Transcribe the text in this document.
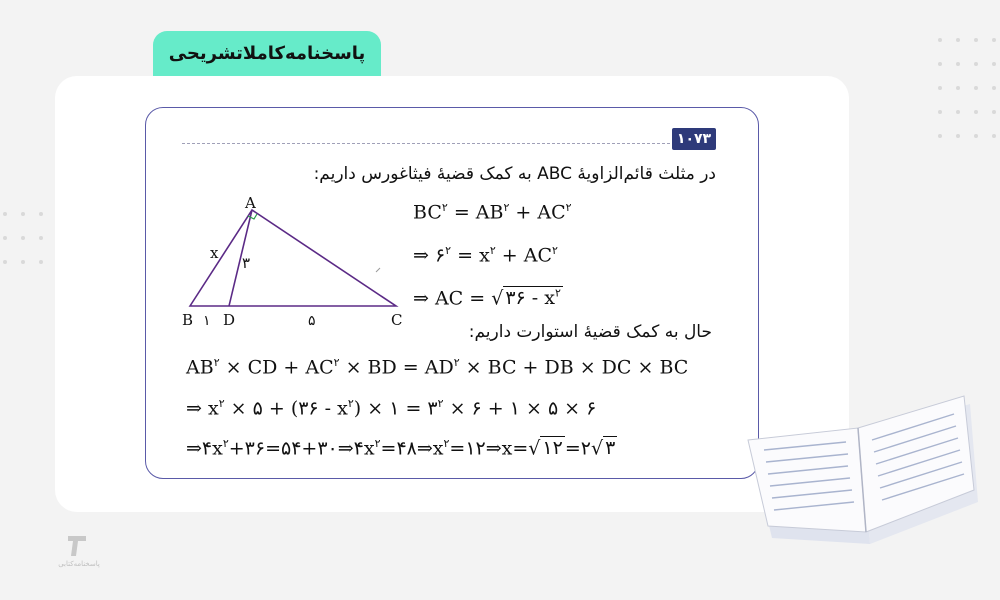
پاسخنامه‌کاملاتشریحی
۱۰۷۳
در مثلث قائم‌الزاویهٔ ABC به کمک قضیهٔ فیثاغورس داریم:
A
B D	C
x
۳
۱	۵
$BC^۲ = AB^۲ + AC^۲$
⇒ $۶^۲ = x^۲ + AC^۲$
⇒ AC = √ ۳۶ - $x^۲$
حال به کمک قضیهٔ استوارت داریم:
$AB^۲$ × CD + $AC^۲$ × BD = $AD^۲$ × BC + DB × DC × BC
⇒ $x^۲$ × ۵ + (۳۶ - $x^۲$) × ۱ = $۳^۲$ × ۶ + ۱ × ۵ × ۶
$\Rightarrow ۴x^۲+۳۶=۵۴+۳۰\Rightarrow ۴x^۲=۴۸\Rightarrow x^۲=۱۲\Rightarrow x=√$ ۱۲ =۲√ ۳
پاسخنامه‌کتابی
